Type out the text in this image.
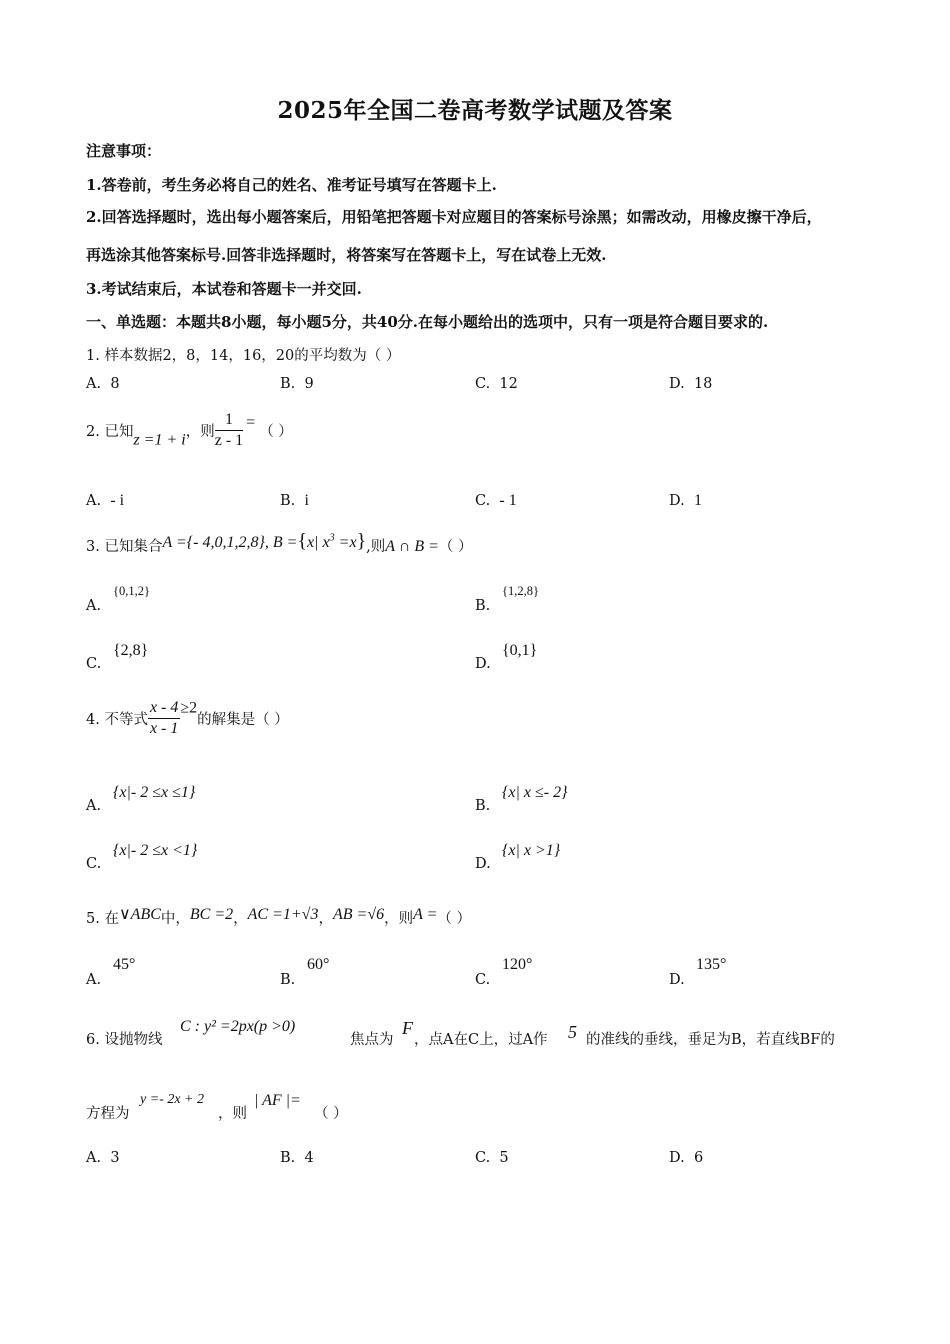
2025年全国二卷高考数学试题及答案
注意事项：
1.答卷前，考生务必将自己的姓名、准考证号填写在答题卡上.
2.回答选择题时，选出每小题答案后，用铅笔把答题卡对应题目的答案标号涂黑；如需改动，用橡皮擦干净后，
再选涂其他答案标号.回答非选择题时，将答案写在答题卡上，写在试卷上无效.
3.考试结束后，本试卷和答题卡一并交回.
一、单选题：本题共8小题，每小题5分，共40分.在每小题给出的选项中，只有一项是符合题目要求的.
1. 样本数据2，8，14，16，20的平均数为（ ）
A. 8	B. 9	C. 12	D. 18
2. 已知z =1 + i，则 $\frac{1}{z - 1}$ =（ ）
A. - i	B. i	C. - 1	D. 1
3. 已知集合A ={- 4,0,1,2,8}, B ={x| $x^3 =x$},则A ∩ B =（ ）
{0,1,2}
A.
{1,2,8}
B.
{2,8}
C.
{0,1}
D.
4. 不等式 $\frac{x - 4}{x - 1} \ge 2$的解集是（ ）
{x|- 2 ≤x ≤1}
A.
{x| x ≤- 2}
B.
{x|- 2 ≤x <1}
C.
{x| x >1}
D.
5. 在∨ABC中，BC =2，AC =1+√3，AB =√6，则A =（ ）
45°
A.
60°
B.
120°
C.
135°
D.
6. 设抛物线
C : y² =2px(p >0)
焦点为
F
，点A在C上，过A作 5 的准线的垂线，垂足为B，若直线BF的
方程为
y =- 2x + 2
，则
| AF |=
（ ）
A. 3	B. 4	C. 5	D. 6
